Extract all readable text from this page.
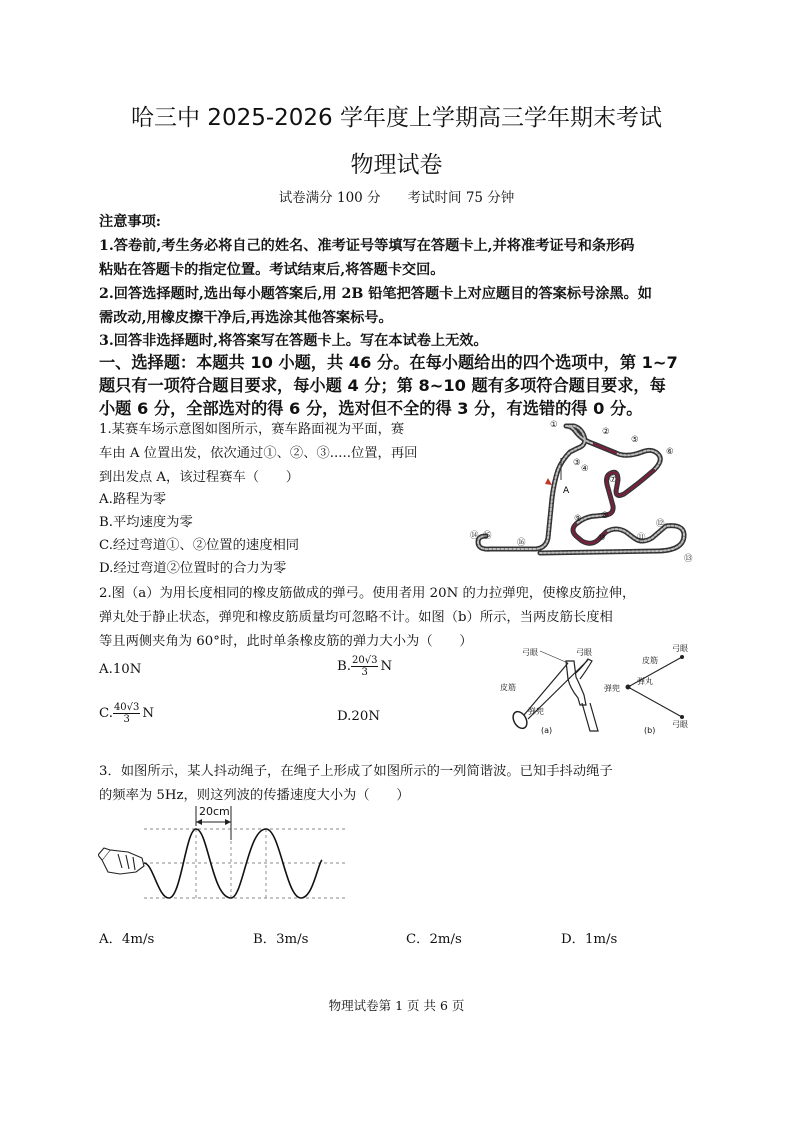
哈三中 2025-2026 学年度上学期高三学年期末考试
物理试卷
试卷满分 100 分　　考试时间 75 分钟
注意事项:
1.答卷前,考生务必将自己的姓名、准考证号等填写在答题卡上,并将准考证号和条形码
粘贴在答题卡的指定位置。考试结束后,将答题卡交回。
2.回答选择题时,选出每小题答案后,用 2B 铅笔把答题卡上对应题目的答案标号涂黑。如
需改动,用橡皮擦干净后,再选涂其他答案标号。
3.回答非选择题时,将答案写在答题卡上。写在本试卷上无效。
一、选择题：本题共 10 小题，共 46 分。在每小题给出的四个选项中，第 1~7
题只有一项符合题目要求，每小题 4 分；第 8~10 题有多项符合题目要求，每
小题 6 分，全部选对的得 6 分，选对但不全的得 3 分，有选错的得 0 分。
1.某赛车场示意图如图所示，赛车路面视为平面，赛
车由 A 位置出发，依次通过①、②、③.....位置，再回
到出发点 A，该过程赛车（　　）
A.路程为零
B.平均速度为零
C.经过弯道①、②位置的速度相同
D.经过弯道②位置时的合力为零
A
①
②
③
④
⑤
⑥
⑦
⑧
⑨
⑩	⑪
⑫
⑬
⑭ ⑮
⑯
2.图（a）为用长度相同的橡皮筋做成的弹弓。使用者用 20N 的力拉弹兜，使橡皮筋拉伸，
弹丸处于静止状态，弹兜和橡皮筋质量均可忽略不计。如图（b）所示，当两皮筋长度相
等且两侧夹角为 60°时，此时单条橡皮筋的弹力大小为（　　）
A.10N	B. $\frac{20√3}{3}$ N
C. $\frac{40√3}{3}$ N	D.20N
弓眼	弓眼
皮筋
弹兜
(a)
皮筋
弓眼
弹兜
弹丸
弓眼
(b)
3．如图所示，某人抖动绳子，在绳子上形成了如图所示的一列简谐波。已知手抖动绳子
的频率为 5Hz，则这列波的传播速度大小为（　　）
20cm
A．4m/s	B．3m/s	C．2m/s	D．1m/s
物理试卷第 1 页 共 6 页
